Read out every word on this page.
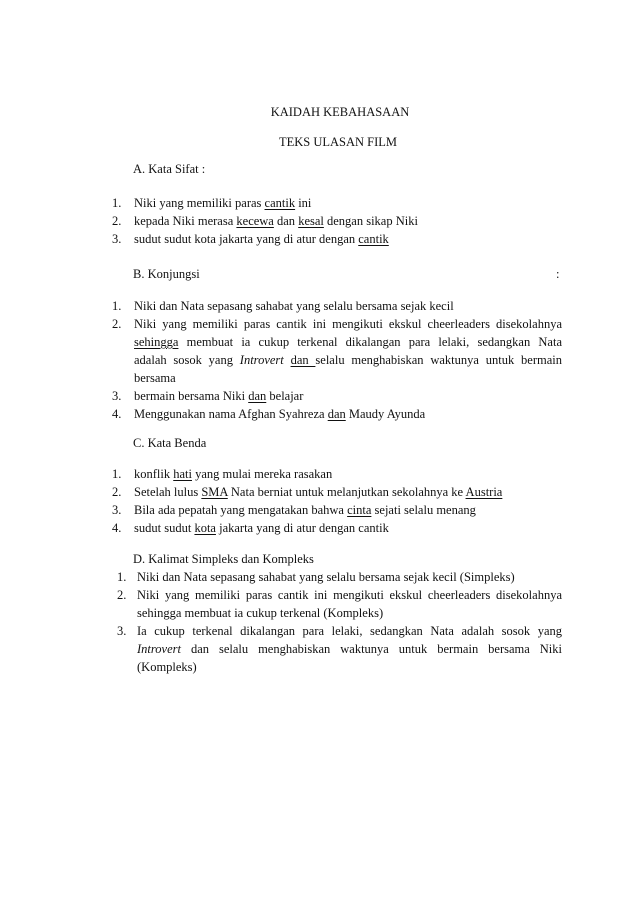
KAIDAH KEBAHASAAN
TEKS ULASAN FILM
A. Kata Sifat :
1. Niki yang memiliki paras cantik ini
2. kepada Niki merasa kecewa dan kesal dengan sikap Niki
3. sudut sudut kota jakarta yang di atur dengan cantik
B. Konjungsi	:
1. Niki dan Nata sepasang sahabat yang selalu bersama sejak kecil
2. Niki yang memiliki paras cantik ini mengikuti ekskul cheerleaders disekolahnya
sehingga membuat ia cukup terkenal dikalangan para lelaki, sedangkan Nata
adalah sosok yang Introvert dan selalu menghabiskan waktunya untuk bermain
bersama
3. bermain bersama Niki dan belajar
4. Menggunakan nama Afghan Syahreza dan Maudy Ayunda
C. Kata Benda
1. konflik hati yang mulai mereka rasakan
2. Setelah lulus SMA Nata berniat untuk melanjutkan sekolahnya ke Austria
3. Bila ada pepatah yang mengatakan bahwa cinta sejati selalu menang
4. sudut sudut kota jakarta yang di atur dengan cantik
D. Kalimat Simpleks dan Kompleks
1. Niki dan Nata sepasang sahabat yang selalu bersama sejak kecil (Simpleks)
2. Niki yang memiliki paras cantik ini mengikuti ekskul cheerleaders disekolahnya
sehingga membuat ia cukup terkenal (Kompleks)
3. Ia cukup terkenal dikalangan para lelaki, sedangkan Nata adalah sosok yang
Introvert dan selalu menghabiskan waktunya untuk bermain bersama Niki
(Kompleks)
